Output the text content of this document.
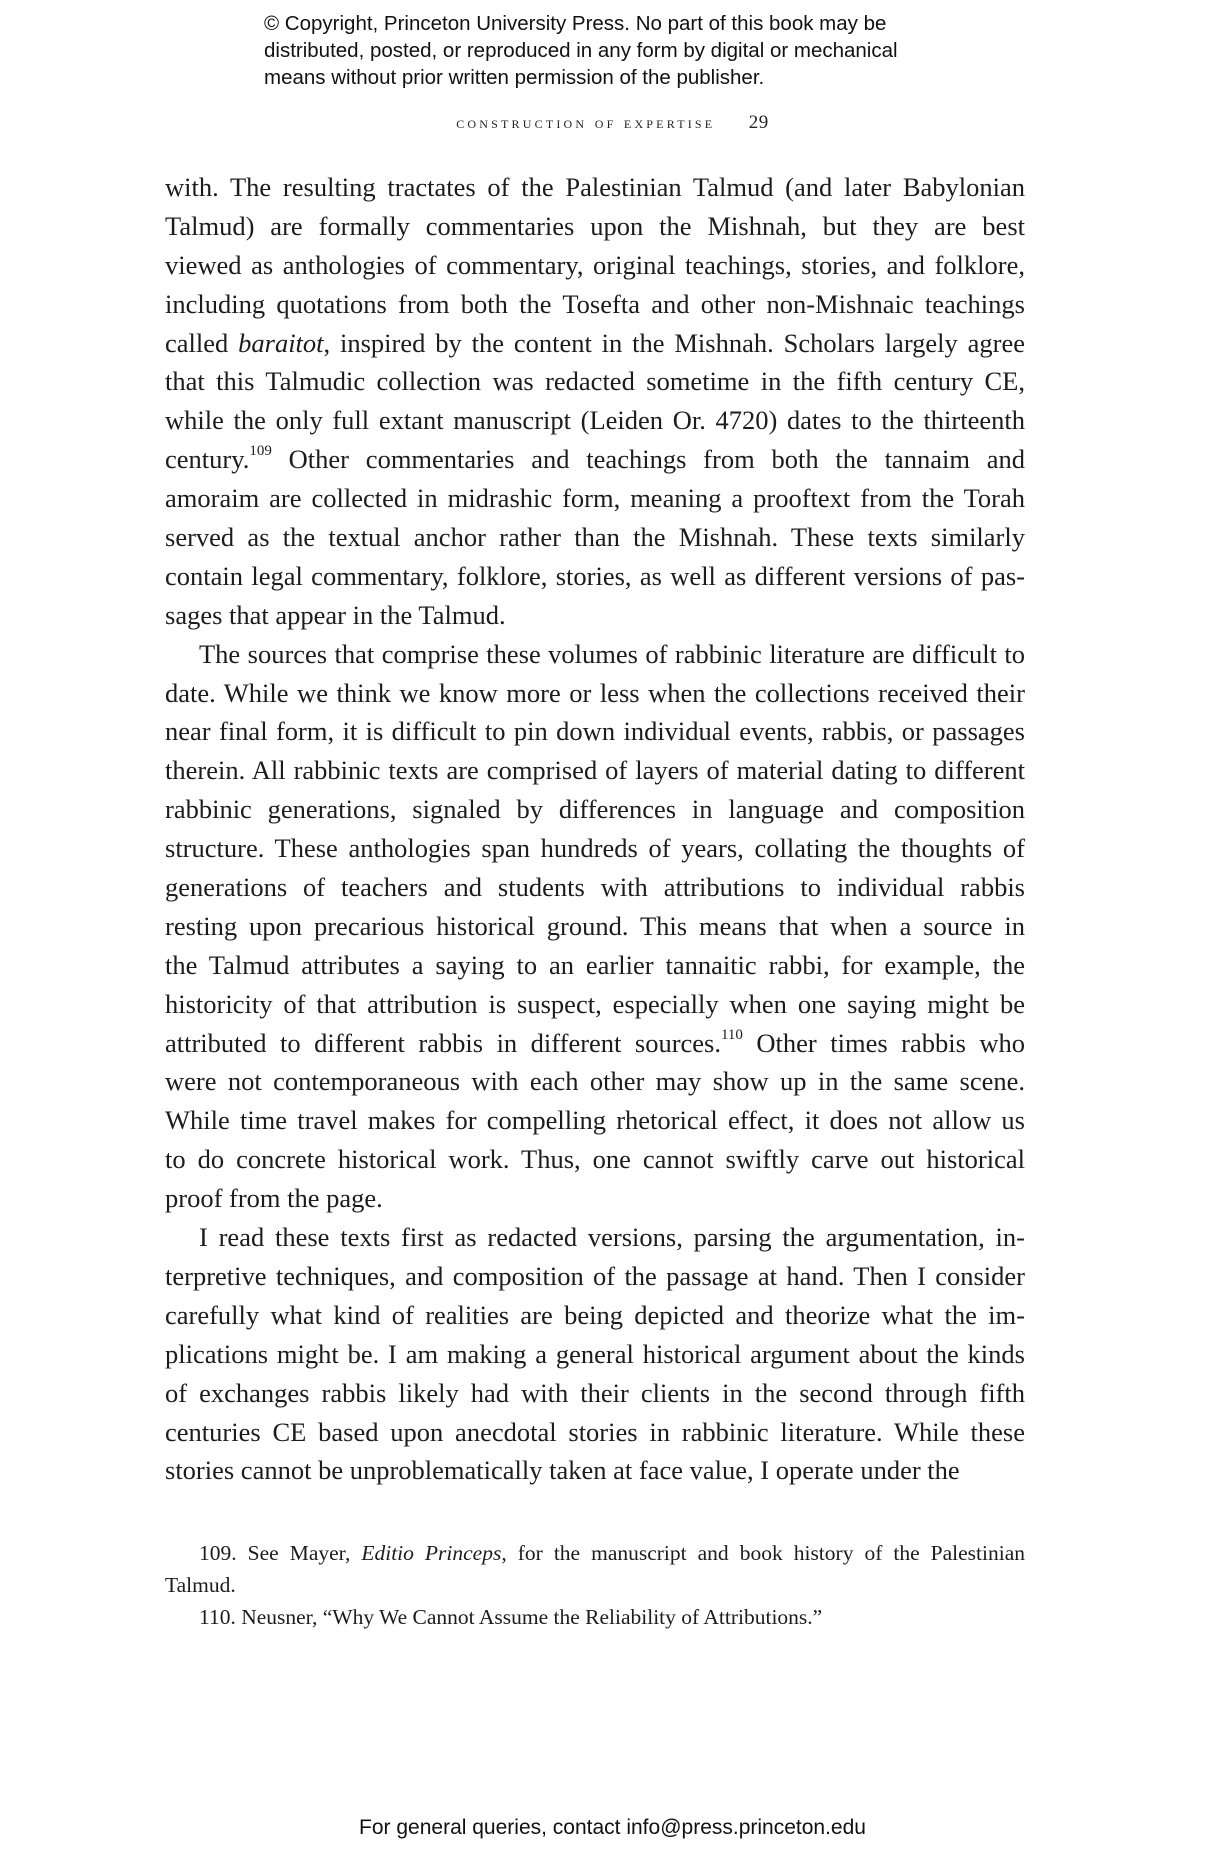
© Copyright, Princeton University Press. No part of this book may be
distributed, posted, or reproduced in any form by digital or mechanical
means without prior written permission of the publisher.
construction of expertise 29
with. The resulting tractates of the Palestinian Talmud (and later Babylonian
Talmud) are formally commentaries upon the Mishnah, but they are best
viewed as anthologies of commentary, original teachings, stories, and folklore,
including quotations from both the Tosefta and other non-Mishnaic teachings
called baraitot, inspired by the content in the Mishnah. Scholars largely agree
that this Talmudic collection was redacted sometime in the fifth century CE,
while the only full extant manuscript (Leiden Or. 4720) dates to the thirteenth
century.$^{109}$ Other commentaries and teachings from both the tannaim and
amoraim are collected in midrashic form, meaning a prooftext from the Torah
served as the textual anchor rather than the Mishnah. These texts similarly
contain legal commentary, folklore, stories, as well as different versions of pas-
sages that appear in the Talmud.
The sources that comprise these volumes of rabbinic literature are difficult to
date. While we think we know more or less when the collections received their
near final form, it is difficult to pin down individual events, rabbis, or passages
therein. All rabbinic texts are comprised of layers of material dating to different
rabbinic generations, signaled by differences in language and composition
structure. These anthologies span hundreds of years, collating the thoughts of
generations of teachers and students with attributions to individual rabbis
resting upon precarious historical ground. This means that when a source in
the Talmud attributes a saying to an earlier tannaitic rabbi, for example, the
historicity of that attribution is suspect, especially when one saying might be
attributed to different rabbis in different sources.$^{110}$ Other times rabbis who
were not contemporaneous with each other may show up in the same scene.
While time travel makes for compelling rhetorical effect, it does not allow us
to do concrete historical work. Thus, one cannot swiftly carve out historical
proof from the page.
I read these texts first as redacted versions, parsing the argumentation, in-
terpretive techniques, and composition of the passage at hand. Then I consider
carefully what kind of realities are being depicted and theorize what the im-
plications might be. I am making a general historical argument about the kinds
of exchanges rabbis likely had with their clients in the second through fifth
centuries CE based upon anecdotal stories in rabbinic literature. While these
stories cannot be unproblematically taken at face value, I operate under the
109. See Mayer, Editio Princeps, for the manuscript and book history of the Palestinian
Talmud.
110. Neusner, “Why We Cannot Assume the Reliability of Attributions.”
For general queries, contact info@press.princeton.edu
